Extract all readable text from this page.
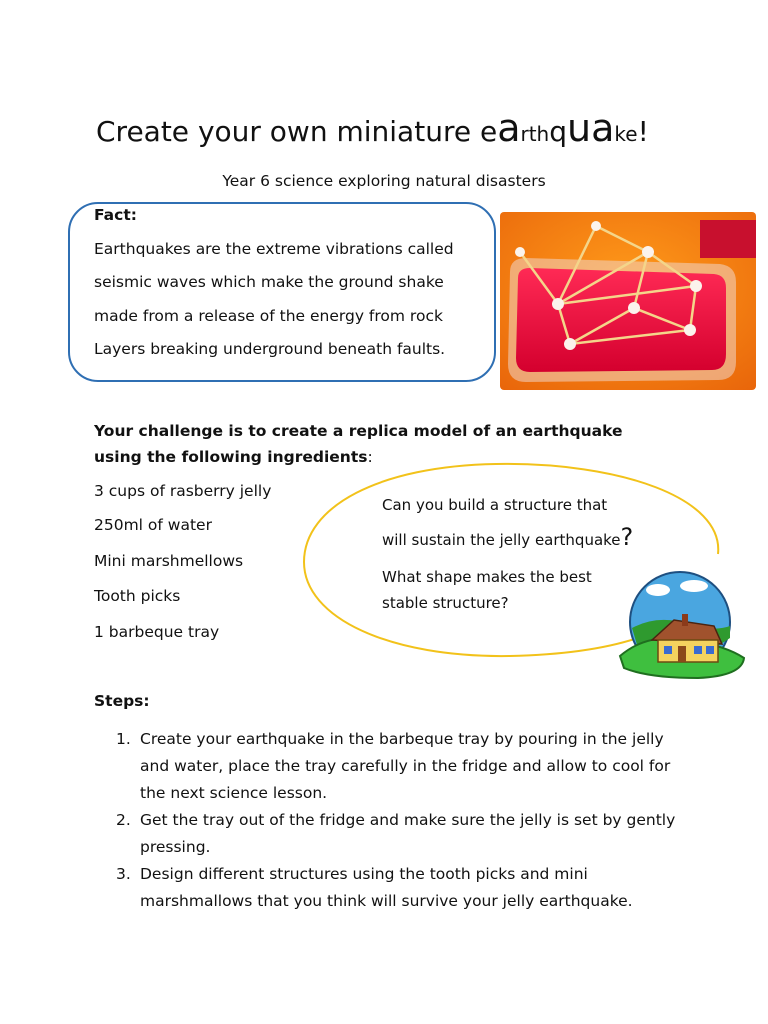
Create your own miniature earthquake!
Year 6 science exploring natural disasters
Fact:
Earthquakes are the extreme vibrations called
seismic waves which make the ground shake
made from a release of the energy from rock
Layers breaking underground beneath faults.
Your challenge is to create a replica model of an earthquake using the following ingredients:
3 cups of rasberry jelly
250ml of water
Mini marshmellows
Tooth picks
1 barbeque tray
Can you build a structure that
will sustain the jelly earthquake?
What shape makes the best
stable structure?
Steps:
1. Create your earthquake in the barbeque tray by pouring in the jelly and water, place the tray carefully in the fridge and allow to cool for the next science lesson.
2. Get the tray out of the fridge and make sure the jelly is set by gently pressing.
3. Design different structures using the tooth picks and mini marshmallows that you think will survive your jelly earthquake.
